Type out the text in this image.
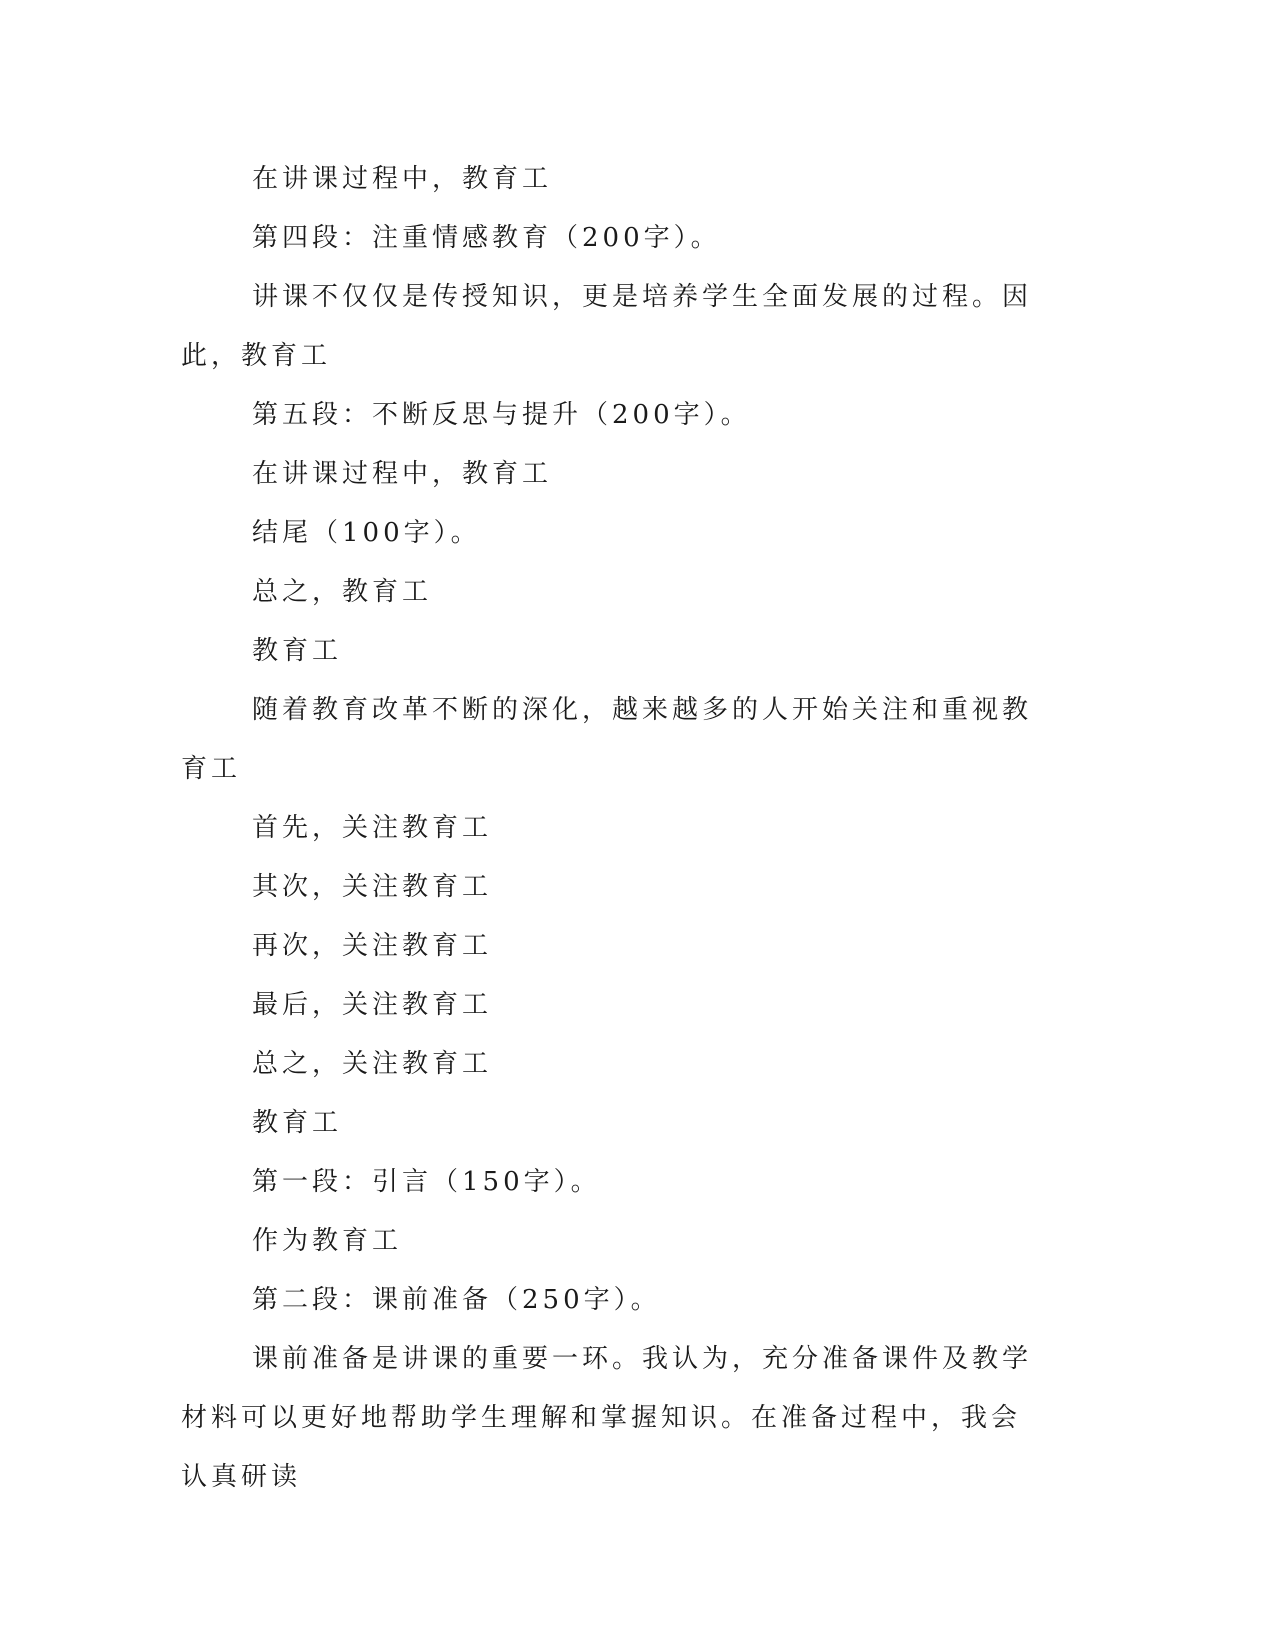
在讲课过程中，教育工

第四段：注重情感教育（200字）。

讲课不仅仅是传授知识，更是培养学生全面发展的过程。因此，教育工

第五段：不断反思与提升（200字）。

在讲课过程中，教育工

结尾（100字）。

总之，教育工

教育工

随着教育改革不断的深化，越来越多的人开始关注和重视教育工

首先，关注教育工

其次，关注教育工

再次，关注教育工

最后，关注教育工

总之，关注教育工

教育工

第一段：引言（150字）。

作为教育工

第二段：课前准备（250字）。

课前准备是讲课的重要一环。我认为，充分准备课件及教学材料可以更好地帮助学生理解和掌握知识。在准备过程中，我会认真研读
